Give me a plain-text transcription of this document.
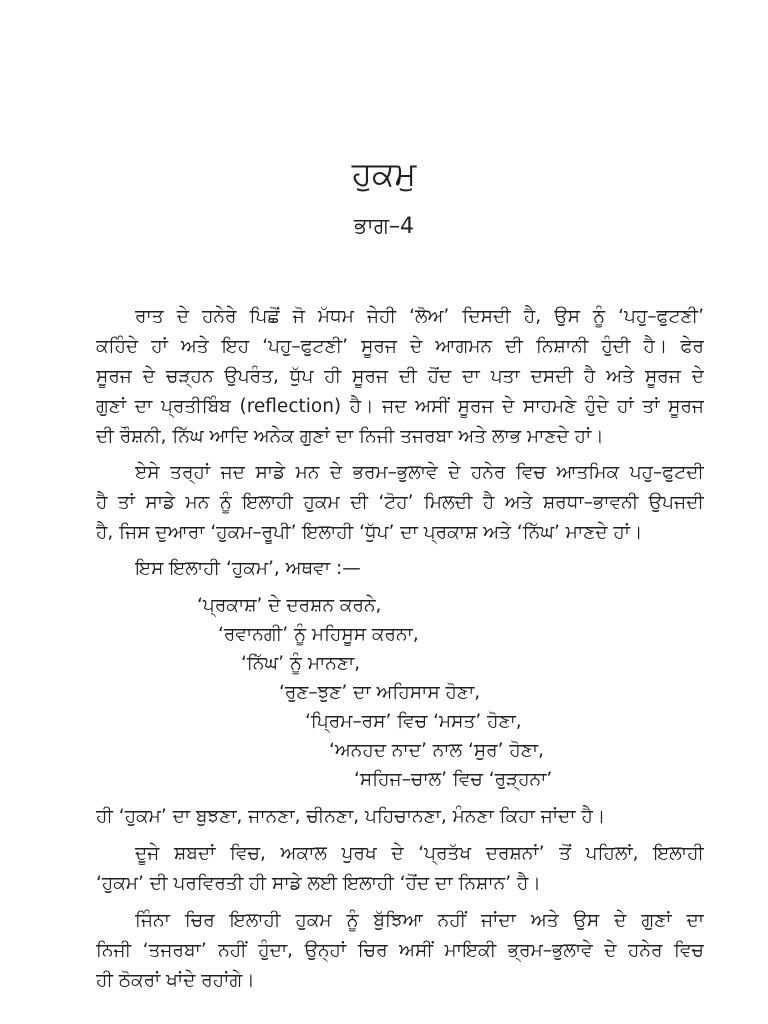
ਹੁਕਮੁ
ਭਾਗ–4
ਰਾਤ ਦੇ ਹਨੇਰੇ ਪਿਛੋਂ ਜੋ ਮੱਧਮ ਜੇਹੀ ‘ਲੋਅ’ ਦਿਸਦੀ ਹੈ, ਉਸ ਨੂੰ ‘ਪਹੁ–ਫੁਟਣੀ’
ਕਹਿੰਦੇ ਹਾਂ ਅਤੇ ਇਹ ‘ਪਹੁ–ਫੁਟਣੀ’ ਸੂਰਜ ਦੇ ਆਗਮਨ ਦੀ ਨਿਸ਼ਾਨੀ ਹੁੰਦੀ ਹੈ। ਫੇਰ
ਸੂਰਜ ਦੇ ਚੜ੍ਹਨ ਉਪਰੰਤ, ਧੁੱਪ ਹੀ ਸੂਰਜ ਦੀ ਹੋਂਦ ਦਾ ਪਤਾ ਦਸਦੀ ਹੈ ਅਤੇ ਸੂਰਜ ਦੇ
ਗੁਣਾਂ ਦਾ ਪ੍ਰਤੀਬਿੰਬ (reflection) ਹੈ। ਜਦ ਅਸੀਂ ਸੂਰਜ ਦੇ ਸਾਹਮਣੇ ਹੁੰਦੇ ਹਾਂ ਤਾਂ ਸੂਰਜ
ਦੀ ਰੌਸ਼ਨੀ, ਨਿੱਘ ਆਦਿ ਅਨੇਕ ਗੁਣਾਂ ਦਾ ਨਿਜੀ ਤਜਰਬਾ ਅਤੇ ਲਾਭ ਮਾਣਦੇ ਹਾਂ।
ਏਸੇ ਤਰ੍ਹਾਂ ਜਦ ਸਾਡੇ ਮਨ ਦੇ ਭਰਮ–ਭੁਲਾਵੇ ਦੇ ਹਨੇਰ ਵਿਚ ਆਤਮਿਕ ਪਹੁ–ਫੁਟਦੀ
ਹੈ ਤਾਂ ਸਾਡੇ ਮਨ ਨੂੰ ਇਲਾਹੀ ਹੁਕਮ ਦੀ ‘ਟੋਹ’ ਮਿਲਦੀ ਹੈ ਅਤੇ ਸ਼ਰਧਾ–ਭਾਵਨੀ ਉਪਜਦੀ
ਹੈ, ਜਿਸ ਦੁਆਰਾ ‘ਹੁਕਮ–ਰੂਪੀ’ ਇਲਾਹੀ ‘ਧੁੱਪ’ ਦਾ ਪ੍ਰਕਾਸ਼ ਅਤੇ ‘ਨਿੱਘ’ ਮਾਣਦੇ ਹਾਂ।
ਇਸ ਇਲਾਹੀ ‘ਹੁਕਮ’, ਅਥਵਾ :—
‘ਪ੍ਰਕਾਸ਼’ ਦੇ ਦਰਸ਼ਨ ਕਰਨੇ,
‘ਰਵਾਨਗੀ’ ਨੂੰ ਮਹਿਸੂਸ ਕਰਨਾ,
‘ਨਿੱਘ’ ਨੂੰ ਮਾਨਣਾ,
‘ਰੁਣ–ਝੁਣ’ ਦਾ ਅਹਿਸਾਸ ਹੋਣਾ,
‘ਪ੍ਰਿਮ–ਰਸ’ ਵਿਚ ‘ਮਸਤ’ ਹੋਣਾ,
‘ਅਨਹਦ ਨਾਦ’ ਨਾਲ ‘ਸੁਰ’ ਹੋਣਾ,
‘ਸਹਿਜ–ਚਾਲ’ ਵਿਚ ‘ਰੁੜ੍ਹਨਾ’
ਹੀ ‘ਹੁਕਮ’ ਦਾ ਬੁਝਣਾ, ਜਾਨਣਾ, ਚੀਨਣਾ, ਪਹਿਚਾਨਣਾ, ਮੰਨਣਾ ਕਿਹਾ ਜਾਂਦਾ ਹੈ।
ਦੂਜੇ ਸ਼ਬਦਾਂ ਵਿਚ, ਅਕਾਲ ਪੁਰਖ ਦੇ ‘ਪ੍ਰਤੱਖ ਦਰਸ਼ਨਾਂ’ ਤੋਂ ਪਹਿਲਾਂ, ਇਲਾਹੀ
‘ਹੁਕਮ’ ਦੀ ਪਰਵਿਰਤੀ ਹੀ ਸਾਡੇ ਲਈ ਇਲਾਹੀ ‘ਹੋਂਦ ਦਾ ਨਿਸ਼ਾਨ’ ਹੈ।
ਜਿੰਨਾ ਚਿਰ ਇਲਾਹੀ ਹੁਕਮ ਨੂੰ ਬੁੱਝਿਆ ਨਹੀਂ ਜਾਂਦਾ ਅਤੇ ਉਸ ਦੇ ਗੁਣਾਂ ਦਾ
ਨਿਜੀ ‘ਤਜਰਬਾ’ ਨਹੀਂ ਹੁੰਦਾ, ਉਨ੍ਹਾਂ ਚਿਰ ਅਸੀਂ ਮਾਇਕੀ ਭ੍ਰਮ–ਭੁਲਾਵੇ ਦੇ ਹਨੇਰ ਵਿਚ
ਹੀ ਠੋਕਰਾਂ ਖਾਂਦੇ ਰਹਾਂਗੇ।
